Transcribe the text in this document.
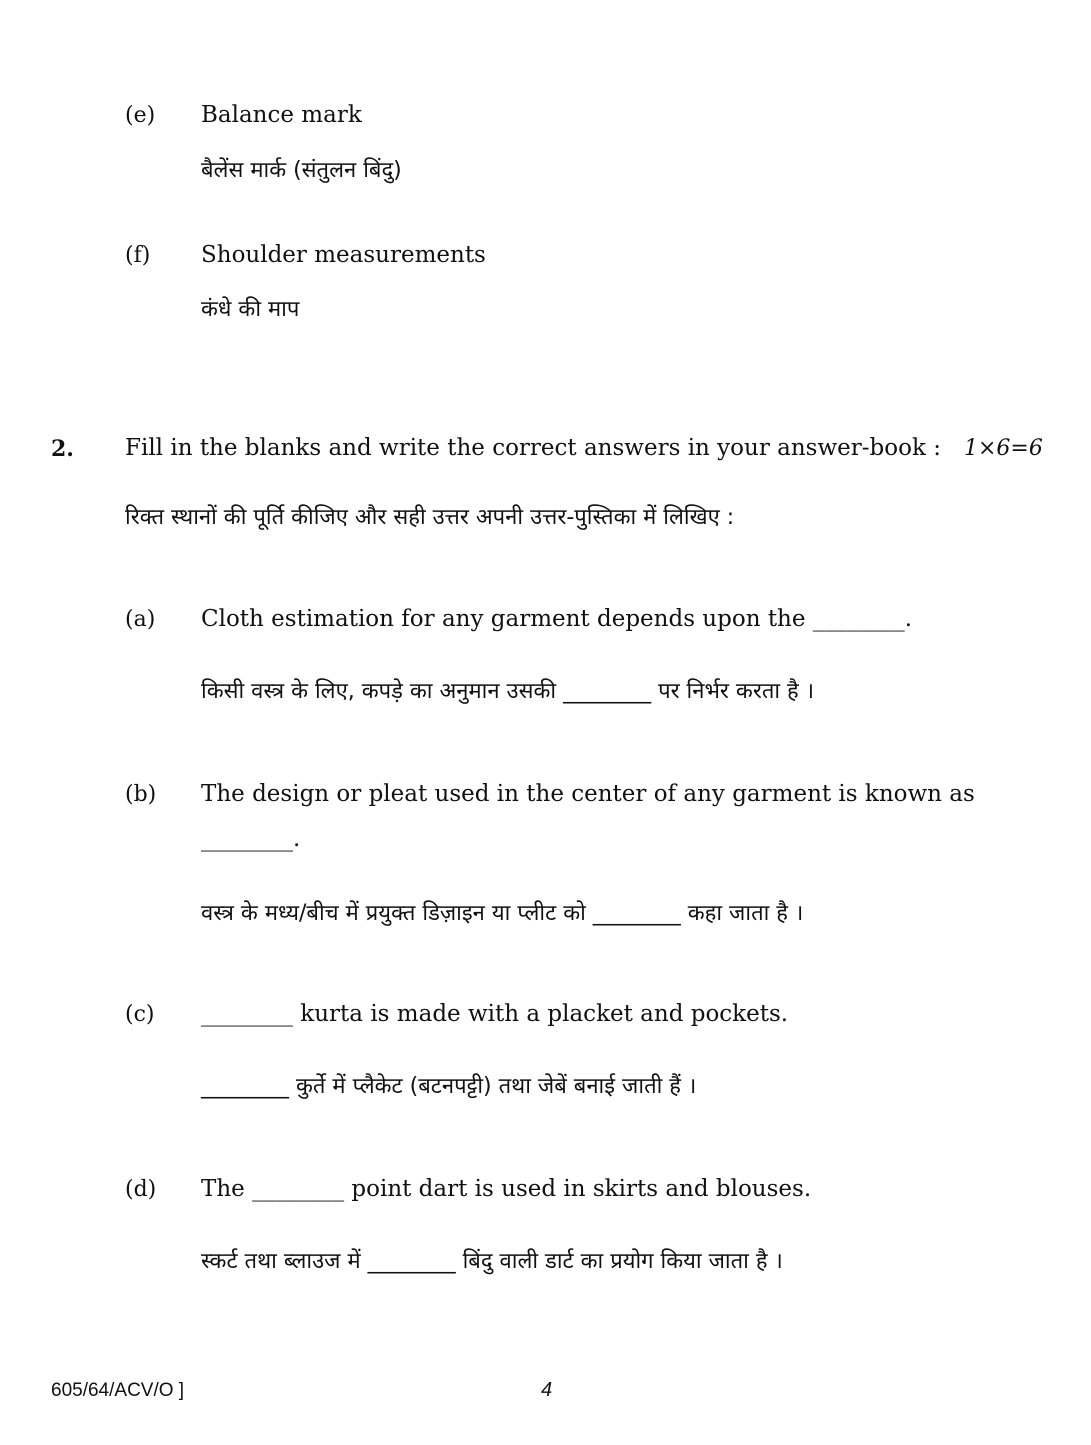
(e) Balance mark
बैलेंस मार्क (संतुलन बिंदु)
(f) Shoulder measurements
कंधे की माप
2. Fill in the blanks and write the correct answers in your answer-book : 1×6=6
रिक्त स्थानों की पूर्ति कीजिए और सही उत्तर अपनी उत्तर-पुस्तिका में लिखिए :
(a) Cloth estimation for any garment depends upon the ________.
किसी वस्त्र के लिए, कपड़े का अनुमान उसकी ________ पर निर्भर करता है ।
(b) The design or pleat used in the center of any garment is known as
________.
वस्त्र के मध्य/बीच में प्रयुक्त डिज़ाइन या प्लीट को ________ कहा जाता है ।
(c) ________ kurta is made with a placket and pockets.
________ कुर्ते में प्लैकेट (बटनपट्टी) तथा जेबें बनाई जाती हैं ।
(d) The ________ point dart is used in skirts and blouses.
स्कर्ट तथा ब्लाउज में ________ बिंदु वाली डार्ट का प्रयोग किया जाता है ।
605/64/ACV/O ]	4
